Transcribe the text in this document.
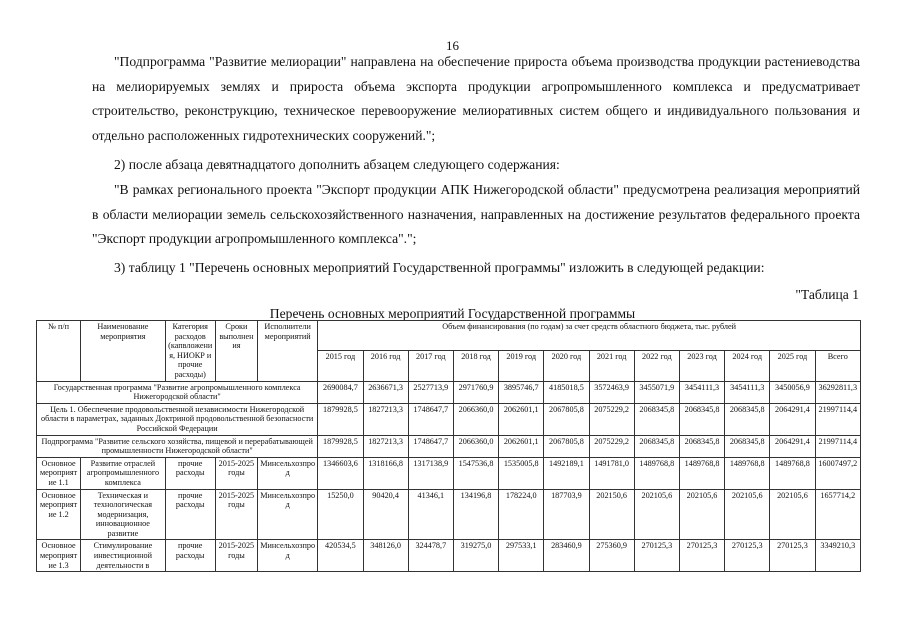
16
"Подпрограмма "Развитие мелиорации" направлена на обеспечение прироста объема производства продукции растениеводства на мелиорируемых землях и прироста объема экспорта продукции агропромышленного комплекса и предусматривает строительство, реконструкцию, техническое перевооружение мелиоративных систем общего и индивидуального пользования и отдельно расположенных гидротехнических сооружений.";
2) после абзаца девятнадцатого дополнить абзацем следующего содержания:
"В рамках регионального проекта "Экспорт продукции АПК Нижегородской области" предусмотрена реализация мероприятий в области мелиорации земель сельскохозяйственного назначения, направленных на достижение результатов федерального проекта "Экспорт продукции агропромышленного комплекса".";
3) таблицу 1 "Перечень основных мероприятий Государственной программы" изложить в следующей редакции:
"Таблица 1
Перечень основных мероприятий Государственной программы
№ п/п	Наименование мероприятия	Категория расходов (капвложения, НИОКР и прочие расходы)	Сроки выполнения	Исполнители мероприятий	Объем финансирования (по годам) за счет средств областного бюджета, тыс. рублей											
					2015 год	2016 год	2017 год	2018 год	2019 год	2020 год	2021 год	2022 год	2023 год	2024 год	2025 год	Всего
Государственная программа "Развитие агропромышленного комплекса Нижегородской области"					2690084,7	2636671,3	2527713,9	2971760,9	3895746,7	4185018,5	3572463,9	3455071,9	3454111,3	3454111,3	3450056,9	36292811,3
Цель 1. Обеспечение продовольственной независимости Нижегородской области в параметрах, заданных Доктриной продовольственной безопасности Российской Федерации					1879928,5	1827213,3	1748647,7	2066360,0	2062601,1	2067805,8	2075229,2	2068345,8	2068345,8	2068345,8	2064291,4	21997114,4
Подпрограмма "Развитие сельского хозяйства, пищевой и перерабатывающей промышленности Нижегородской области"					1879928,5	1827213,3	1748647,7	2066360,0	2062601,1	2067805,8	2075229,2	2068345,8	2068345,8	2068345,8	2064291,4	21997114,4
Основное мероприятие 1.1	Развитие отраслей агропромышленного комплекса	прочие расходы	2015-2025 годы	Минсельхозпрод	1346603,6	1318166,8	1317138,9	1547536,8	1535005,8	1492189,1	1491781,0	1489768,8	1489768,8	1489768,8	1489768,8	16007497,2
Основное мероприятие 1.2	Техническая и технологическая модернизация, инновационное развитие	прочие расходы	2015-2025 годы	Минсельхозпрод	15250,0	90420,4	41346,1	134196,8	178224,0	187703,9	202150,6	202105,6	202105,6	202105,6	202105,6	1657714,2
Основное мероприятие 1.3	Стимулирование инвестиционной деятельности в	прочие расходы	2015-2025 годы	Минсельхозпрод	420534,5	348126,0	324478,7	319275,0	297533,1	283460,9	275360,9	270125,3	270125,3	270125,3	270125,3	3349210,3
